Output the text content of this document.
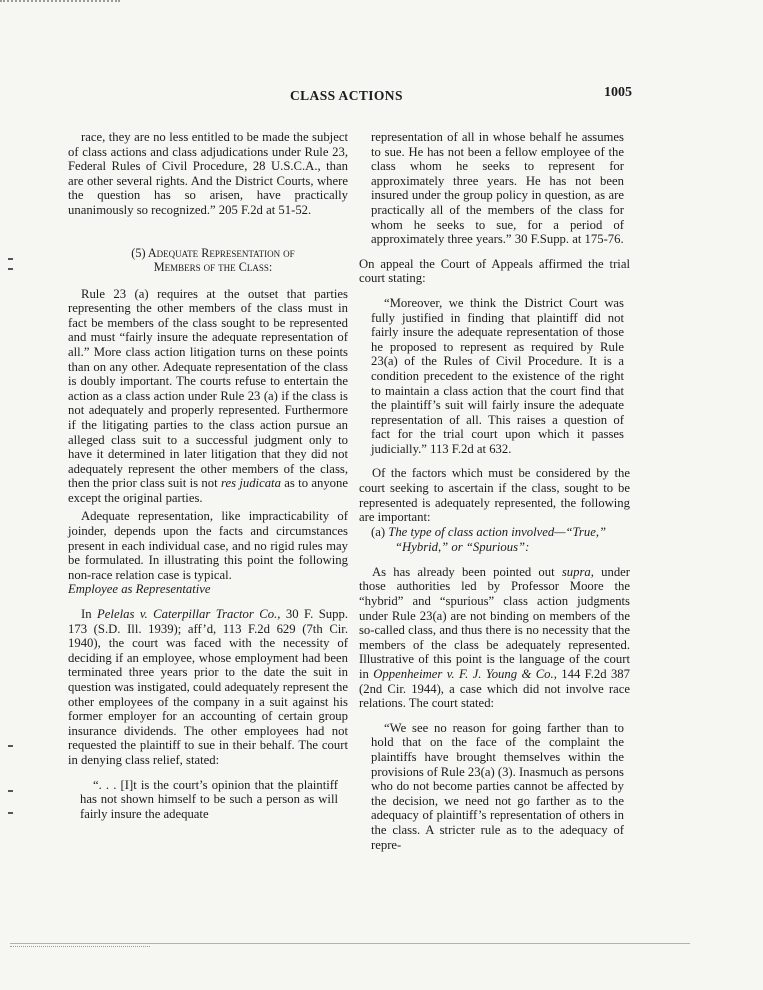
CLASS ACTIONS	1005

race, they are no less entitled to be made the subject of class actions and class adjudications under Rule 23, Federal Rules of Civil Procedure, 28 U.S.C.A., than are other several rights. And the District Courts, where the question has so arisen, have practically unanimously so recognized.” 205 F.2d at 51-52.

(5) Adequate Representation of
Members of the Class:

Rule 23 (a) requires at the outset that parties representing the other members of the class must in fact be members of the class sought to be represented and must “fairly insure the adequate representation of all.” More class action litigation turns on these points than on any other. Adequate representation of the class is doubly important. The courts refuse to entertain the action as a class action under Rule 23 (a) if the class is not adequately and properly represented. Furthermore if the litigating parties to the class action pursue an alleged class suit to a successful judgment only to have it determined in later litigation that they did not adequately represent the other members of the class, then the prior class suit is not res judicata as to anyone except the original parties.

Adequate representation, like impracticability of joinder, depends upon the facts and circumstances present in each individual case, and no rigid rules may be formulated. In illustrating this point the following non-race relation case is typical.

Employee as Representative

In Pelelas v. Caterpillar Tractor Co., 30 F. Supp. 173 (S.D. Ill. 1939); aff’d, 113 F.2d 629 (7th Cir. 1940), the court was faced with the necessity of deciding if an employee, whose employment had been terminated three years prior to the date the suit in question was instigated, could adequately represent the other employees of the company in a suit against his former employer for an accounting of certain group insurance dividends. The other employees had not requested the plaintiff to sue in their behalf. The court in denying class relief, stated:

“. . . [I]t is the court’s opinion that the plaintiff has not shown himself to be such a person as will fairly insure the adequate

representation of all in whose behalf he assumes to sue. He has not been a fellow employee of the class whom he seeks to represent for approximately three years. He has not been insured under the group policy in question, as are practically all of the members of the class for whom he seeks to sue, for a period of approximately three years.” 30 F.Supp. at 175-76.

On appeal the Court of Appeals affirmed the trial court stating:

“Moreover, we think the District Court was fully justified in finding that plaintiff did not fairly insure the adequate representation of those he proposed to represent as required by Rule 23(a) of the Rules of Civil Procedure. It is a condition precedent to the existence of the right to maintain a class action that the court find that the plaintiff’s suit will fairly insure the adequate representation of all. This raises a question of fact for the trial court upon which it passes judicially.” 113 F.2d at 632.

Of the factors which must be considered by the court seeking to ascertain if the class, sought to be represented is adequately represented, the following are important:

(a) The type of class action involved—“True,”
“Hybrid,” or “Spurious”:

As has already been pointed out supra, under those authorities led by Professor Moore the “hybrid” and “spurious” class action judgments under Rule 23(a) are not binding on members of the so-called class, and thus there is no necessity that the members of the class be adequately represented. Illustrative of this point is the language of the court in Oppenheimer v. F. J. Young & Co., 144 F.2d 387 (2nd Cir. 1944), a case which did not involve race relations. The court stated:

“We see no reason for going farther than to hold that on the face of the complaint the plaintiffs have brought themselves within the provisions of Rule 23(a) (3). Inasmuch as persons who do not become parties cannot be affected by the decision, we need not go farther as to the adequacy of plaintiff’s representation of others in the class. A stricter rule as to the adequacy of repre-
